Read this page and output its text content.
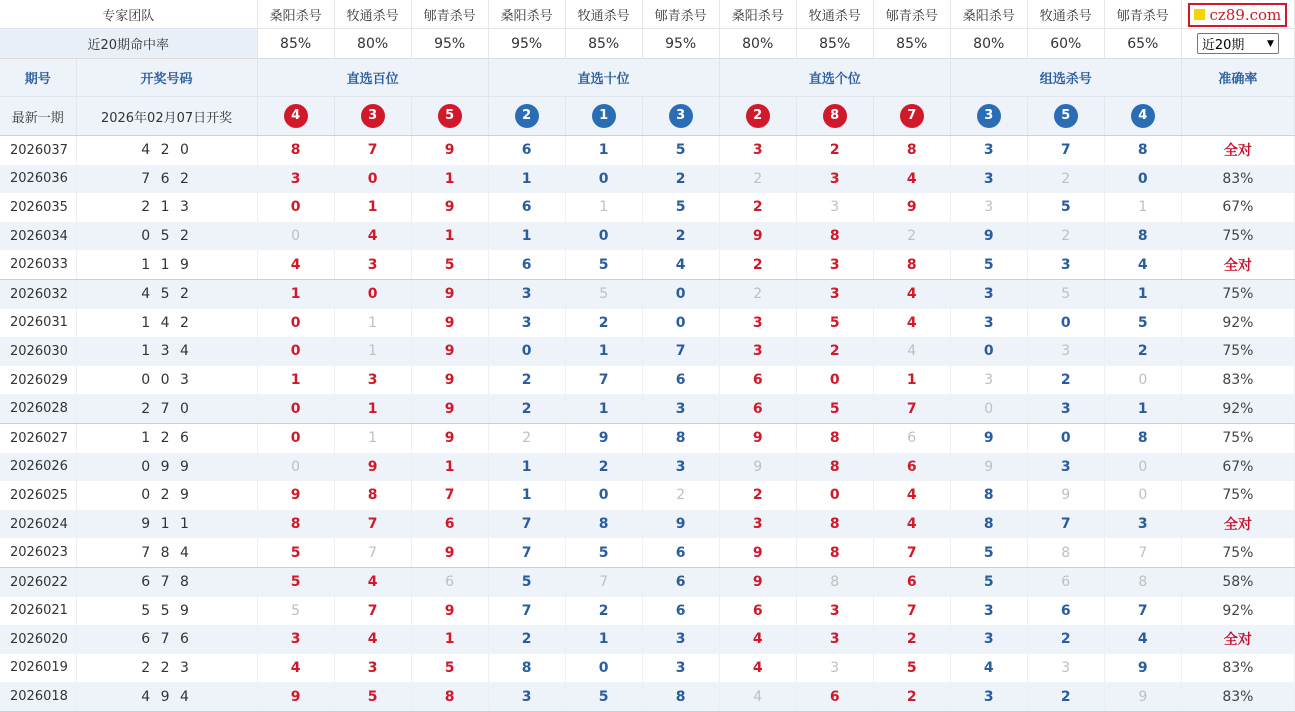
专家团队		桑阳杀号	牧通杀号	郇青杀号	桑阳杀号	牧通杀号	郇青杀号	桑阳杀号	牧通杀号	郇青杀号	桑阳杀号	牧通杀号	郇青杀号	cz89.com

近20期命中率		85%	80%	95%	95%	85%	95%	80%	85%	85%	80%	60%	65%	近20期 ▼

期号	开奖号码	直选百位			直选十位			直选个位			组选杀号			准确率
最新一期	2026年02月07日开奖	4	3	5	2	1	3	2	8	7	3	5	4	
2026037	4 2 0	8	7	9	6	1	5	3	2	8	3	7	8	全对
2026036	7 6 2	3	0	1	1	0	2	2	3	4	3	2	0	83%
2026035	2 1 3	0	1	9	6	1	5	2	3	9	3	5	1	67%
2026034	0 5 2	0	4	1	1	0	2	9	8	2	9	2	8	75%
2026033	1 1 9	4	3	5	6	5	4	2	3	8	5	3	4	全对
2026032	4 5 2	1	0	9	3	5	0	2	3	4	3	5	1	75%
2026031	1 4 2	0	1	9	3	2	0	3	5	4	3	0	5	92%
2026030	1 3 4	0	1	9	0	1	7	3	2	4	0	3	2	75%
2026029	0 0 3	1	3	9	2	7	6	6	0	1	3	2	0	83%
2026028	2 7 0	0	1	9	2	1	3	6	5	7	0	3	1	92%
2026027	1 2 6	0	1	9	2	9	8	9	8	6	9	0	8	75%
2026026	0 9 9	0	9	1	1	2	3	9	8	6	9	3	0	67%
2026025	0 2 9	9	8	7	1	0	2	2	0	4	8	9	0	75%
2026024	9 1 1	8	7	6	7	8	9	3	8	4	8	7	3	全对
2026023	7 8 4	5	7	9	7	5	6	9	8	7	5	8	7	75%
2026022	6 7 8	5	4	6	5	7	6	9	8	6	5	6	8	58%
2026021	5 5 9	5	7	9	7	2	6	6	3	7	3	6	7	92%
2026020	6 7 6	3	4	1	2	1	3	4	3	2	3	2	4	全对
2026019	2 2 3	4	3	5	8	0	3	4	3	5	4	3	9	83%
2026018	4 9 4	9	5	8	3	5	8	4	6	2	3	2	9	83%
